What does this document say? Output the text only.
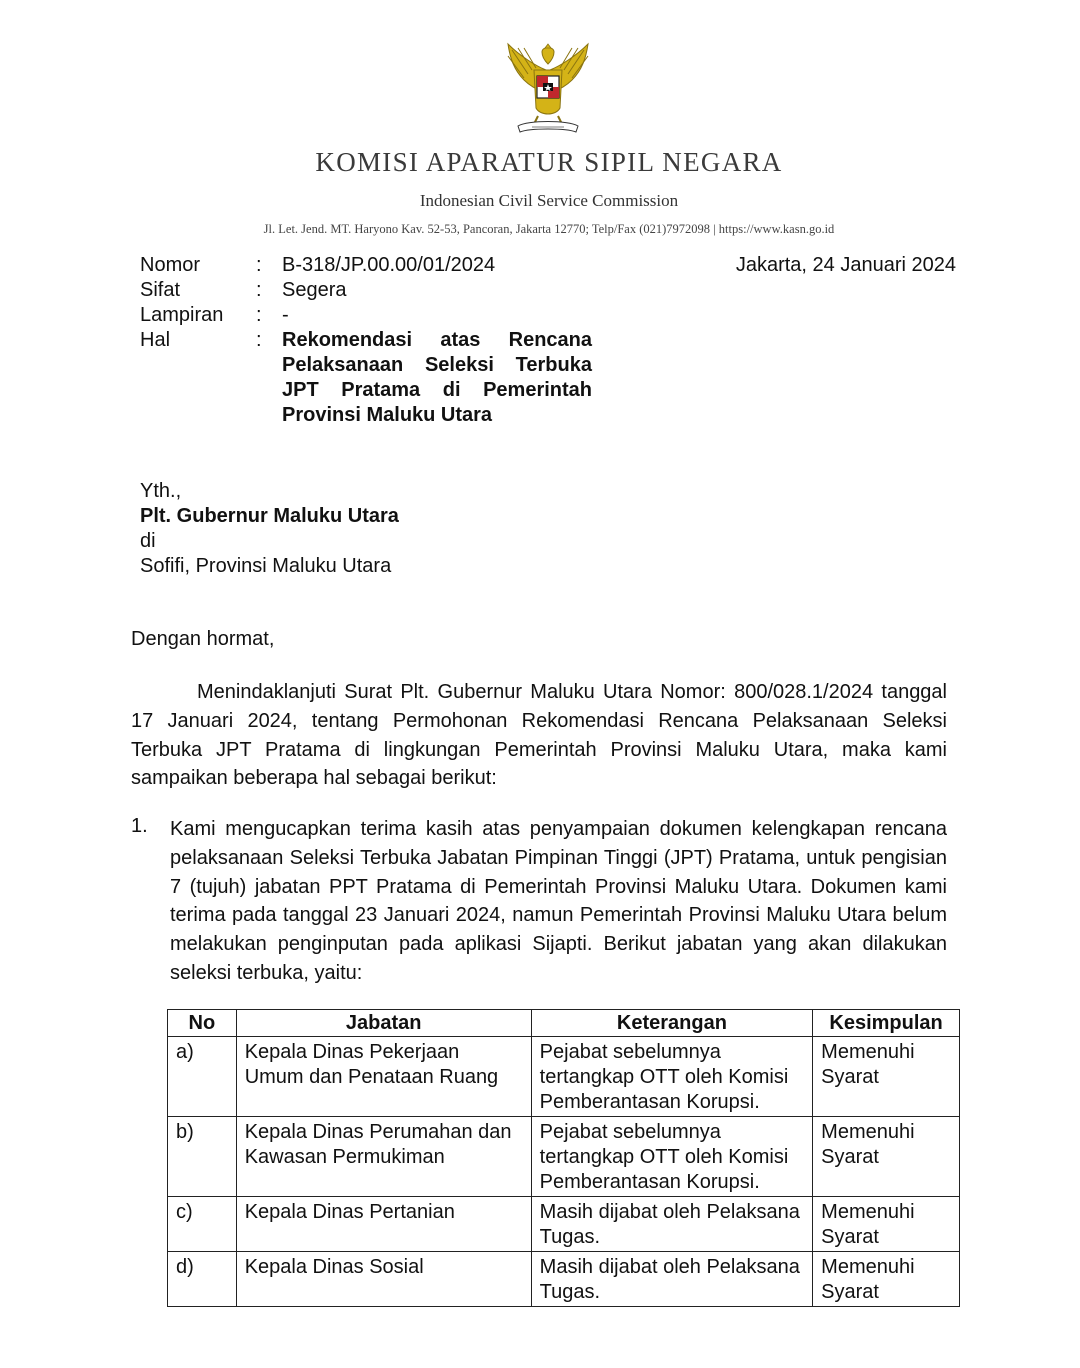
KOMISI APARATUR SIPIL NEGARA
Indonesian Civil Service Commission
Jl. Let. Jend. MT. Haryono Kav. 52-53, Pancoran, Jakarta 12770; Telp/Fax (021)7972098 | https://www.kasn.go.id
Nomor	: B-318/JP.00.00/01/2024
Sifat	: Segera
Lampiran : -
Hal	: Rekomendasi atas Rencana Pelaksanaan Seleksi Terbuka JPT Pratama di Pemerintah Provinsi Maluku Utara
Jakarta, 24 Januari 2024
Yth.,
Plt. Gubernur Maluku Utara
di
Sofifi, Provinsi Maluku Utara
Dengan hormat,
Menindaklanjuti Surat Plt. Gubernur Maluku Utara Nomor: 800/028.1/2024 tanggal 17 Januari 2024, tentang Permohonan Rekomendasi Rencana Pelaksanaan Seleksi Terbuka JPT Pratama di lingkungan Pemerintah Provinsi Maluku Utara, maka kami sampaikan beberapa hal sebagai berikut:
1. Kami mengucapkan terima kasih atas penyampaian dokumen kelengkapan rencana pelaksanaan Seleksi Terbuka Jabatan Pimpinan Tinggi (JPT) Pratama, untuk pengisian 7 (tujuh) jabatan PPT Pratama di Pemerintah Provinsi Maluku Utara. Dokumen kami terima pada tanggal 23 Januari 2024, namun Pemerintah Provinsi Maluku Utara belum melakukan penginputan pada aplikasi Sijapti. Berikut jabatan yang akan dilakukan seleksi terbuka, yaitu:
No	Jabatan	Keterangan	Kesimpulan
a)	Kepala Dinas Pekerjaan Umum dan Penataan Ruang	Pejabat sebelumnya tertangkap OTT oleh Komisi Pemberantasan Korupsi.	Memenuhi Syarat
b)	Kepala Dinas Perumahan dan Kawasan Permukiman	Pejabat sebelumnya tertangkap OTT oleh Komisi Pemberantasan Korupsi.	Memenuhi Syarat
c)	Kepala Dinas Pertanian	Masih dijabat oleh Pelaksana Tugas.	Memenuhi Syarat
d)	Kepala Dinas Sosial	Masih dijabat oleh Pelaksana Tugas.	Memenuhi Syarat
